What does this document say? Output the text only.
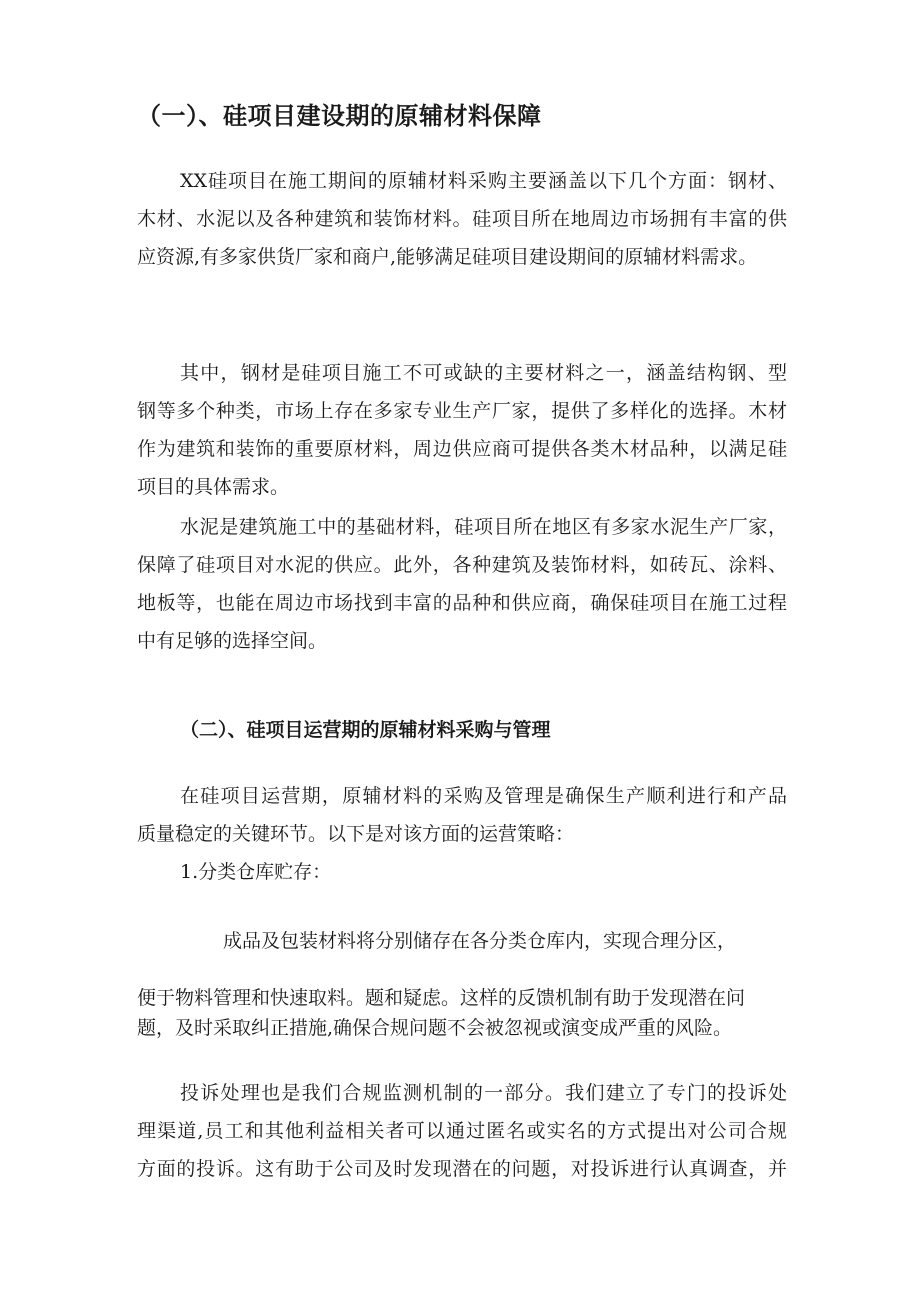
（一）、硅项目建设期的原辅材料保障

XX硅项目在施工期间的原辅材料采购主要涵盖以下几个方面：钢材、
木材、水泥以及各种建筑和装饰材料。硅项目所在地周边市场拥有丰富的供
应资源,有多家供货厂家和商户,能够满足硅项目建设期间的原辅材料需求。

其中，钢材是硅项目施工不可或缺的主要材料之一，涵盖结构钢、型
钢等多个种类，市场上存在多家专业生产厂家，提供了多样化的选择。木材
作为建筑和装饰的重要原材料，周边供应商可提供各类木材品种，以满足硅
项目的具体需求。

水泥是建筑施工中的基础材料，硅项目所在地区有多家水泥生产厂家，
保障了硅项目对水泥的供应。此外，各种建筑及装饰材料，如砖瓦、涂料、
地板等，也能在周边市场找到丰富的品种和供应商，确保硅项目在施工过程
中有足够的选择空间。

（二）、硅项目运营期的原辅材料采购与管理

在硅项目运营期，原辅材料的采购及管理是确保生产顺利进行和产品
质量稳定的关键环节。以下是对该方面的运营策略：

1.分类仓库贮存：

成品及包装材料将分别储存在各分类仓库内，实现合理分区，

便于物料管理和快速取料。题和疑虑。这样的反馈机制有助于发现潜在问
题，及时采取纠正措施,确保合规问题不会被忽视或演变成严重的风险。

投诉处理也是我们合规监测机制的一部分。我们建立了专门的投诉处
理渠道,员工和其他利益相关者可以通过匿名或实名的方式提出对公司合规
方面的投诉。这有助于公司及时发现潜在的问题，对投诉进行认真调查，并
